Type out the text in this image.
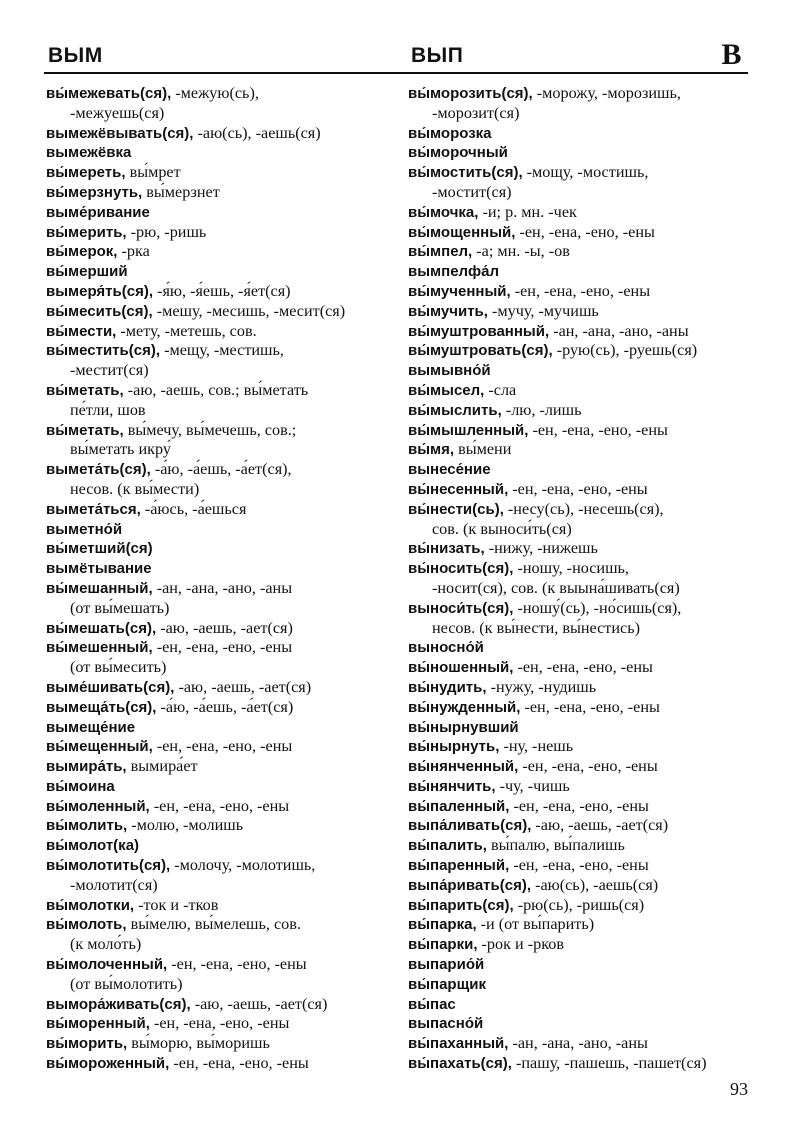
ВЫМ	ВЫП	В
вы́межевать(ся), -межую(сь),
-межуешь(ся)
вымежёвывать(ся), -аю(сь), -аешь(ся)
вымежёвка
вы́мереть, вы́мрет
вы́мерзнуть, вы́мерзнет
выме́ривание
вы́мерить, -рю, -ришь
вы́мерок, -рка
вы́мерший
вымеря́ть(ся), -я́ю, -я́ешь, -я́ет(ся)
вы́месить(ся), -мешу, -месишь, -месит(ся)
вы́мести, -мету, -метешь, сов.
вы́местить(ся), -мещу, -местишь,
-местит(ся)
вы́метать, -аю, -аешь, сов.; вы́метать
пе́тли, шов
вы́метать, вы́мечу, вы́мечешь, сов.;
вы́метать икру́
вымета́ть(ся), -а́ю, -а́ешь, -а́ет(ся),
несов. (к вы́мести)
вымета́ться, -а́юсь, -а́ешься
выметно́й
вы́метший(ся)
вымётывание
вы́мешанный, -ан, -ана, -ано, -аны
(от вы́мешать)
вы́мешать(ся), -аю, -аешь, -ает(ся)
вы́мешенный, -ен, -ена, -ено, -ены
(от вы́месить)
выме́шивать(ся), -аю, -аешь, -ает(ся)
вымеща́ть(ся), -а́ю, -а́ешь, -а́ет(ся)
вымеще́ние
вы́мещенный, -ен, -ена, -ено, -ены
вымира́ть, вымира́ет
вы́моина
вы́моленный, -ен, -ена, -ено, -ены
вы́молить, -молю, -молишь
вы́молот(ка)
вы́молотить(ся), -молочу, -молотишь,
-молотит(ся)
вы́молотки, -ток и -тков
вы́молоть, вы́мелю, вы́мелешь, сов.
(к моло́ть)
вы́молоченный, -ен, -ена, -ено, -ены
(от вы́молотить)
вымора́живать(ся), -аю, -аешь, -ает(ся)
вы́моренный, -ен, -ена, -ено, -ены
вы́морить, вы́морю, вы́моришь
вы́мороженный, -ен, -ена, -ено, -ены
вы́морозить(ся), -морожу, -морозишь,
-морозит(ся)
вы́морозка
вы́морочный
вы́мостить(ся), -мощу, -мостишь,
-мостит(ся)
вы́мочка, -и; р. мн. -чек
вы́мощенный, -ен, -ена, -ено, -ены
вы́мпел, -а; мн. -ы, -ов
вымпелфа́л
вы́мученный, -ен, -ена, -ено, -ены
вы́мучить, -мучу, -мучишь
вы́муштрованный, -ан, -ана, -ано, -аны
вы́муштровать(ся), -рую(сь), -руешь(ся)
вымывно́й
вы́мысел, -сла
вы́мыслить, -лю, -лишь
вы́мышленный, -ен, -ена, -ено, -ены
вы́мя, вы́мени
вынесе́ние
вы́несенный, -ен, -ена, -ено, -ены
вы́нести(сь), -несу(сь), -несешь(ся),
сов. (к выноси́ть(ся)
вы́низать, -нижу, -нижешь
вы́носить(ся), -ношу, -носишь,
-носит(ся), сов. (к выына́шивать(ся)
выноси́ть(ся), -ношу́(сь), -но́сишь(ся),
несов. (к вы́нести, вы́нестись)
выносно́й
вы́ношенный, -ен, -ена, -ено, -ены
вы́нудить, -нужу, -нудишь
вы́нужденный, -ен, -ена, -ено, -ены
вы́нырнувший
вы́нырнуть, -ну, -нешь
вы́нянченный, -ен, -ена, -ено, -ены
вы́нянчить, -чу, -чишь
вы́паленный, -ен, -ена, -ено, -ены
выпа́ливать(ся), -аю, -аешь, -ает(ся)
вы́палить, вы́палю, вы́палишь
вы́паренный, -ен, -ена, -ено, -ены
выпа́ривать(ся), -аю(сь), -аешь(ся)
вы́парить(ся), -рю(сь), -ришь(ся)
вы́парка, -и (от вы́парить)
вы́парки, -рок и -рков
выпарио́й
вы́парщик
вы́пас
выпасно́й
вы́паханный, -ан, -ана, -ано, -аны
вы́пахать(ся), -пашу, -пашешь, -пашет(ся)
93
